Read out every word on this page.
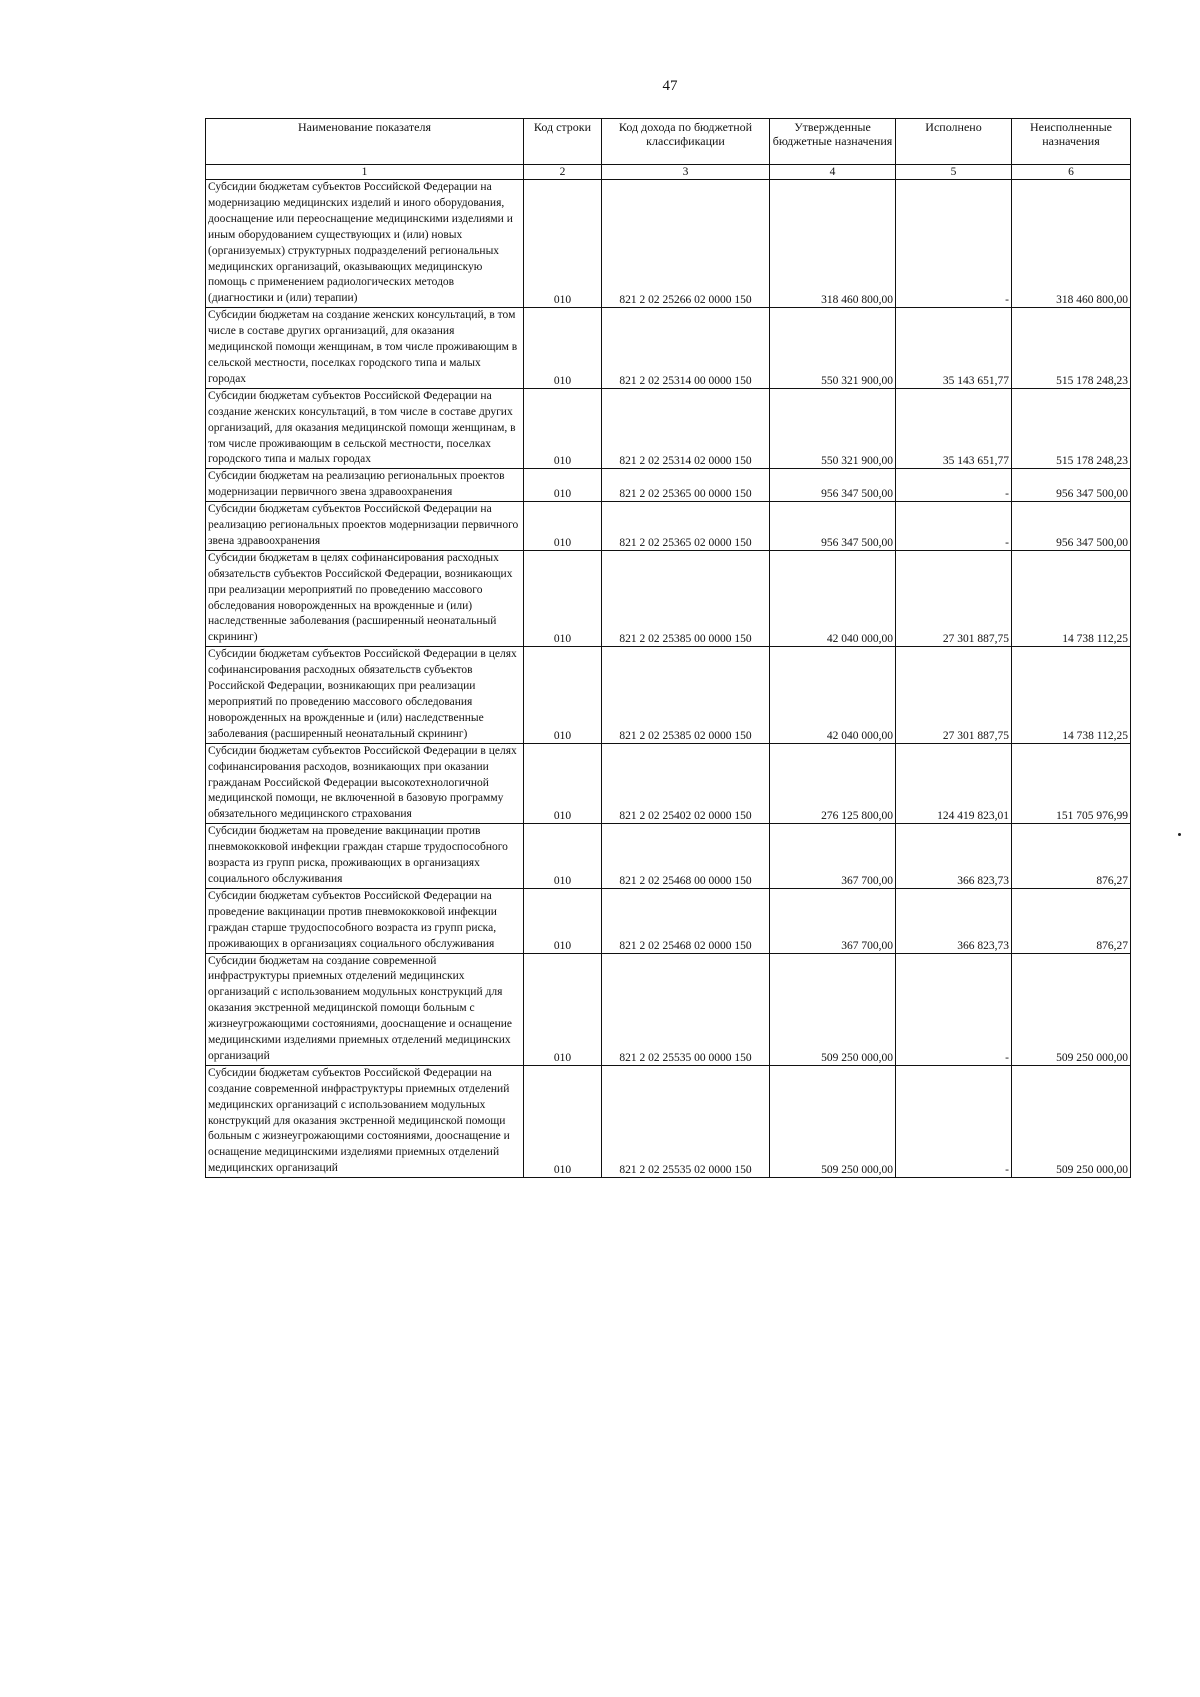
47
Наименование показателя	Код строки	Код дохода по бюджетной классификации	Утвержденные бюджетные назначения	Исполнено	Неисполненные назначения
1	2	3	4	5	6
Субсидии бюджетам субъектов Российской Федерации на модернизацию медицинских изделий и иного оборудования, дооснащение или переоснащение медицинскими изделиями и иным оборудованием существующих и (или) новых (организуемых) структурных подразделений региональных медицинских организаций, оказывающих медицинскую помощь с применением радиологических методов (диагностики и (или) терапии)	010	821 2 02 25266 02 0000 150	318 460 800,00	-	318 460 800,00
Субсидии бюджетам на создание женских консультаций, в том числе в составе других организаций, для оказания медицинской помощи женщинам, в том числе проживающим в сельской местности, поселках городского типа и малых городах	010	821 2 02 25314 00 0000 150	550 321 900,00	35 143 651,77	515 178 248,23
Субсидии бюджетам субъектов Российской Федерации на создание женских консультаций, в том числе в составе других организаций, для оказания медицинской помощи женщинам, в том числе проживающим в сельской местности, поселках городского типа и малых городах	010	821 2 02 25314 02 0000 150	550 321 900,00	35 143 651,77	515 178 248,23
Субсидии бюджетам на реализацию региональных проектов модернизации первичного звена здравоохранения	010	821 2 02 25365 00 0000 150	956 347 500,00	-	956 347 500,00
Субсидии бюджетам субъектов Российской Федерации на реализацию региональных проектов модернизации первичного звена здравоохранения	010	821 2 02 25365 02 0000 150	956 347 500,00	-	956 347 500,00
Субсидии бюджетам в целях софинансирования расходных обязательств субъектов Российской Федерации, возникающих при реализации мероприятий по проведению массового обследования новорожденных на врожденные и (или) наследственные заболевания (расширенный неонатальный скрининг)	010	821 2 02 25385 00 0000 150	42 040 000,00	27 301 887,75	14 738 112,25
Субсидии бюджетам субъектов Российской Федерации в целях софинансирования расходных обязательств субъектов Российской Федерации, возникающих при реализации мероприятий по проведению массового обследования новорожденных на врожденные и (или) наследственные заболевания (расширенный неонатальный скрининг)	010	821 2 02 25385 02 0000 150	42 040 000,00	27 301 887,75	14 738 112,25
Субсидии бюджетам субъектов Российской Федерации в целях софинансирования расходов, возникающих при оказании гражданам Российской Федерации высокотехнологичной медицинской помощи, не включенной в базовую программу обязательного медицинского страхования	010	821 2 02 25402 02 0000 150	276 125 800,00	124 419 823,01	151 705 976,99
Субсидии бюджетам на проведение вакцинации против пневмококковой инфекции граждан старше трудоспособного возраста из групп риска, проживающих в организациях социального обслуживания	010	821 2 02 25468 00 0000 150	367 700,00	366 823,73	876,27
Субсидии бюджетам субъектов Российской Федерации на проведение вакцинации против пневмококковой инфекции граждан старше трудоспособного возраста из групп риска, проживающих в организациях социального обслуживания	010	821 2 02 25468 02 0000 150	367 700,00	366 823,73	876,27
Субсидии бюджетам на создание современной инфраструктуры приемных отделений медицинских организаций с использованием модульных конструкций для оказания экстренной медицинской помощи больным с жизнеугрожающими состояниями, дооснащение и оснащение медицинскими изделиями приемных отделений медицинских организаций	010	821 2 02 25535 00 0000 150	509 250 000,00	-	509 250 000,00
Субсидии бюджетам субъектов Российской Федерации на создание современной инфраструктуры приемных отделений медицинских организаций с использованием модульных конструкций для оказания экстренной медицинской помощи больным с жизнеугрожающими состояниями, дооснащение и оснащение медицинскими изделиями приемных отделений медицинских организаций	010	821 2 02 25535 02 0000 150	509 250 000,00	-	509 250 000,00
